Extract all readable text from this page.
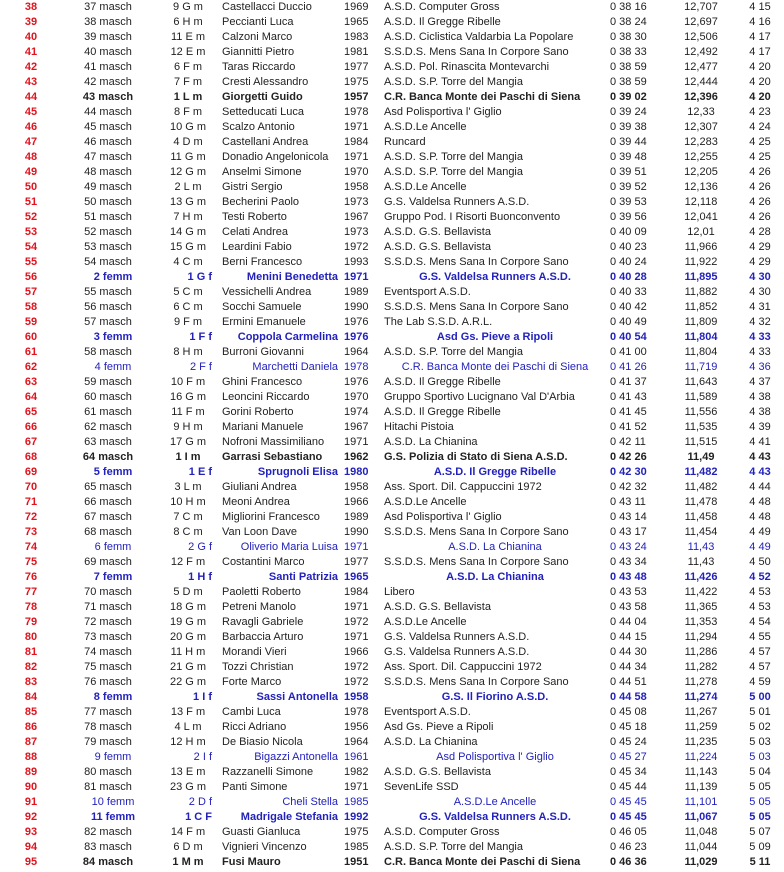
38	37 masch	9 G m	Castellacci Duccio	1969	A.S.D. Computer Gross	0 38 16	12,707	4 15
39	38 masch	6 H m	Peccianti Luca	1965	A.S.D. Il Gregge Ribelle	0 38 24	12,697	4 16
40	39 masch	11 E m	Calzoni Marco	1983	A.S.D. Ciclistica Valdarbia La Popolare	0 38 30	12,506	4 17
41	40 masch	12 E m	Giannitti Pietro	1981	S.S.D.S. Mens Sana In Corpore Sano	0 38 33	12,492	4 17
42	41 masch	6 F m	Taras Riccardo	1977	A.S.D. Pol. Rinascita Montevarchi	0 38 59	12,477	4 20
43	42 masch	7 F m	Cresti Alessandro	1975	A.S.D. S.P. Torre del Mangia	0 38 59	12,444	4 20
44	43 masch	1 L m	Giorgetti Guido	1957	C.R. Banca Monte dei Paschi di Siena	0 39 02	12,396	4 20
45	44 masch	8 F m	Setteducati Luca	1978	Asd Polisportiva l' Giglio	0 39 24	12,33	4 23
46	45 masch	10 G m	Scalzo Antonio	1971	A.S.D.Le Ancelle	0 39 38	12,307	4 24
47	46 masch	4 D m	Castellani Andrea	1984	Runcard	0 39 44	12,283	4 25
48	47 masch	11 G m	Donadio Angelonicola	1971	A.S.D. S.P. Torre del Mangia	0 39 48	12,255	4 25
49	48 masch	12 G m	Anselmi Simone	1970	A.S.D. S.P. Torre del Mangia	0 39 51	12,205	4 26
50	49 masch	2 L m	Gistri Sergio	1958	A.S.D.Le Ancelle	0 39 52	12,136	4 26
51	50 masch	13 G m	Becherini Paolo	1973	G.S. Valdelsa Runners A.S.D.	0 39 53	12,118	4 26
52	51 masch	7 H m	Testi Roberto	1967	Gruppo Pod. I Risorti Buonconvento	0 39 56	12,041	4 26
53	52 masch	14 G m	Celati Andrea	1973	A.S.D. G.S. Bellavista	0 40 09	12,01	4 28
54	53 masch	15 G m	Leardini Fabio	1972	A.S.D. G.S. Bellavista	0 40 23	11,966	4 29
55	54 masch	4 C m	Berni Francesco	1993	S.S.D.S. Mens Sana In Corpore Sano	0 40 24	11,922	4 29
56	2 femm	1 G f	Menini Benedetta	1971	G.S. Valdelsa Runners A.S.D.	0 40 28	11,895	4 30
57	55 masch	5 C m	Vessichelli Andrea	1989	Eventsport A.S.D.	0 40 33	11,882	4 30
58	56 masch	6 C m	Socchi Samuele	1990	S.S.D.S. Mens Sana In Corpore Sano	0 40 42	11,852	4 31
59	57 masch	9 F m	Ermini Emanuele	1976	The Lab S.S.D. A.R.L.	0 40 49	11,809	4 32
60	3 femm	1 F f	Coppola Carmelina	1976	Asd Gs. Pieve a Ripoli	0 40 54	11,804	4 33
61	58 masch	8 H m	Burroni Giovanni	1964	A.S.D. S.P. Torre del Mangia	0 41 00	11,804	4 33
62	4 femm	2 F f	Marchetti Daniela	1978	C.R. Banca Monte dei Paschi di Siena	0 41 26	11,719	4 36
63	59 masch	10 F m	Ghini Francesco	1976	A.S.D. Il Gregge Ribelle	0 41 37	11,643	4 37
64	60 masch	16 G m	Leoncini Riccardo	1970	Gruppo Sportivo Lucignano Val D'Arbia	0 41 43	11,589	4 38
65	61 masch	11 F m	Gorini Roberto	1974	A.S.D. Il Gregge Ribelle	0 41 45	11,556	4 38
66	62 masch	9 H m	Mariani Manuele	1967	Hitachi Pistoia	0 41 52	11,535	4 39
67	63 masch	17 G m	Nofroni Massimiliano	1971	A.S.D. La Chianina	0 42 11	11,515	4 41
68	64 masch	1 I m	Garrasi Sebastiano	1962	G.S. Polizia di Stato di Siena A.S.D.	0 42 26	11,49	4 43
69	5 femm	1 E f	Sprugnoli Elisa	1980	A.S.D. Il Gregge Ribelle	0 42 30	11,482	4 43
70	65 masch	3 L m	Giuliani Andrea	1958	Ass. Sport. Dil. Cappuccini 1972	0 42 32	11,482	4 44
71	66 masch	10 H m	Meoni Andrea	1966	A.S.D.Le Ancelle	0 43 11	11,478	4 48
72	67 masch	7 C m	Migliorini Francesco	1989	Asd Polisportiva l' Giglio	0 43 14	11,458	4 48
73	68 masch	8 C m	Van Loon Dave	1990	S.S.D.S. Mens Sana In Corpore Sano	0 43 17	11,454	4 49
74	6 femm	2 G f	Oliverio Maria Luisa	1971	A.S.D. La Chianina	0 43 24	11,43	4 49
75	69 masch	12 F m	Costantini Marco	1977	S.S.D.S. Mens Sana In Corpore Sano	0 43 34	11,43	4 50
76	7 femm	1 H f	Santi Patrizia	1965	A.S.D. La Chianina	0 43 48	11,426	4 52
77	70 masch	5 D m	Paoletti Roberto	1984	Libero	0 43 53	11,422	4 53
78	71 masch	18 G m	Petreni Manolo	1971	A.S.D. G.S. Bellavista	0 43 58	11,365	4 53
79	72 masch	19 G m	Ravagli Gabriele	1972	A.S.D.Le Ancelle	0 44 04	11,353	4 54
80	73 masch	20 G m	Barbaccia Arturo	1971	G.S. Valdelsa Runners A.S.D.	0 44 15	11,294	4 55
81	74 masch	11 H m	Morandi Vieri	1966	G.S. Valdelsa Runners A.S.D.	0 44 30	11,286	4 57
82	75 masch	21 G m	Tozzi Christian	1972	Ass. Sport. Dil. Cappuccini 1972	0 44 34	11,282	4 57
83	76 masch	22 G m	Forte Marco	1972	S.S.D.S. Mens Sana In Corpore Sano	0 44 51	11,278	4 59
84	8 femm	1 I f	Sassi Antonella	1958	G.S. Il Fiorino A.S.D.	0 44 58	11,274	5 00
85	77 masch	13 F m	Cambi Luca	1978	Eventsport A.S.D.	0 45 08	11,267	5 01
86	78 masch	4 L m	Ricci Adriano	1956	Asd Gs. Pieve a Ripoli	0 45 18	11,259	5 02
87	79 masch	12 H m	De Biasio Nicola	1964	A.S.D. La Chianina	0 45 24	11,235	5 03
88	9 femm	2 I f	Bigazzi Antonella	1961	Asd Polisportiva l' Giglio	0 45 27	11,224	5 03
89	80 masch	13 E m	Razzanelli Simone	1982	A.S.D. G.S. Bellavista	0 45 34	11,143	5 04
90	81 masch	23 G m	Panti Simone	1971	SevenLife SSD	0 45 44	11,139	5 05
91	10 femm	2 D f	Cheli Stella	1985	A.S.D.Le Ancelle	0 45 45	11,101	5 05
92	11 femm	1 C F	Madrigale Stefania	1992	G.S. Valdelsa Runners A.S.D.	0 45 45	11,067	5 05
93	82 masch	14 F m	Guasti Gianluca	1975	A.S.D. Computer Gross	0 46 05	11,048	5 07
94	83 masch	6 D m	Vignieri Vincenzo	1985	A.S.D. S.P. Torre del Mangia	0 46 23	11,044	5 09
95	84 masch	1 M m	Fusi Mauro	1951	C.R. Banca Monte dei Paschi di Siena	0 46 36	11,029	5 11
